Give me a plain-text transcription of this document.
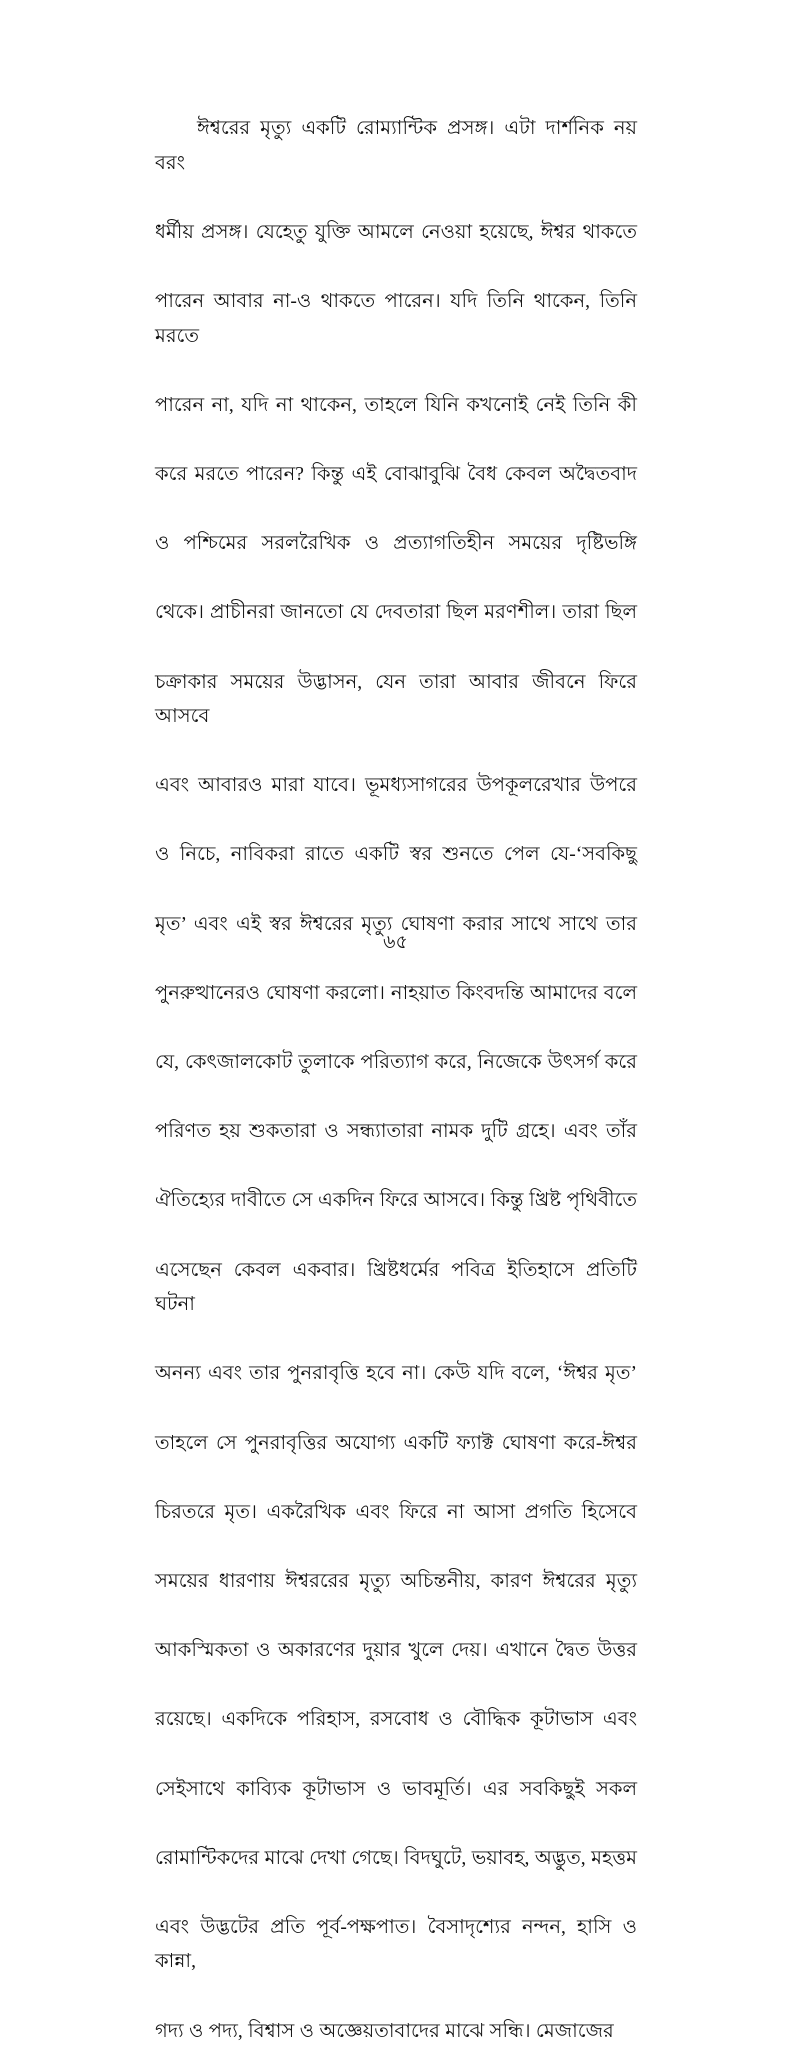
ঈশ্বরের মৃত্যু একটি রোম্যান্টিক প্রসঙ্গ। এটা দার্শনিক নয় বরং
ধর্মীয় প্রসঙ্গ। যেহেতু যুক্তি আমলে নেওয়া হয়েছে, ঈশ্বর থাকতে
পারেন আবার না-ও থাকতে পারেন। যদি তিনি থাকেন, তিনি মরতে
পারেন না, যদি না থাকেন, তাহলে যিনি কখনোই নেই তিনি কী
করে মরতে পারেন? কিন্তু এই বোঝাবুঝি বৈধ কেবল অদ্বৈতবাদ
ও পশ্চিমের সরলরৈখিক ও প্রত্যাগতিহীন সময়ের দৃষ্টিভঙ্গি
থেকে। প্রাচীনরা জানতো যে দেবতারা ছিল মরণশীল। তারা ছিল
চক্রাকার সময়ের উদ্ভাসন, যেন তারা আবার জীবনে ফিরে আসবে
এবং আবারও মারা যাবে। ভূমধ্যসাগরের উপকূলরেখার উপরে
ও নিচে, নাবিকরা রাতে একটি স্বর শুনতে পেল যে-‘সবকিছু
মৃত’ এবং এই স্বর ঈশ্বরের মৃত্যু ঘোষণা করার সাথে সাথে তার
পুনরুত্থানেরও ঘোষণা করলো। নাহয়াত কিংবদন্তি আমাদের বলে
যে, কেৎজালকোট তুলাকে পরিত্যাগ করে, নিজেকে উৎসর্গ করে
পরিণত হয় শুকতারা ও সন্ধ্যাতারা নামক দুটি গ্রহে। এবং তাঁর
ঐতিহ্যের দাবীতে সে একদিন ফিরে আসবে। কিন্তু খ্রিষ্ট পৃথিবীতে
এসেছেন কেবল একবার। খ্রিষ্টধর্মের পবিত্র ইতিহাসে প্রতিটি ঘটনা
অনন্য এবং তার পুনরাবৃত্তি হবে না। কেউ যদি বলে, ‘ঈশ্বর মৃত’
তাহলে সে পুনরাবৃত্তির অযোগ্য একটি ফ্যাক্ট ঘোষণা করে-ঈশ্বর
চিরতরে মৃত। একরৈখিক এবং ফিরে না আসা প্রগতি হিসেবে
সময়ের ধারণায় ঈশ্বররের মৃত্যু অচিন্তনীয়, কারণ ঈশ্বরের মৃত্যু
আকস্মিকতা ও অকারণের দুয়ার খুলে দেয়। এখানে দ্বৈত উত্তর
রয়েছে। একদিকে পরিহাস, রসবোধ ও বৌদ্ধিক কূটাভাস এবং
সেইসাথে কাব্যিক কূটাভাস ও ভাবমূর্তি। এর সবকিছুই সকল
রোমান্টিকদের মাঝে দেখা গেছে। বিদঘুটে, ভয়াবহ, অদ্ভুত, মহত্তম
এবং উদ্ভটের প্রতি পূর্ব-পক্ষপাত। বৈসাদৃশ্যের নন্দন, হাসি ও কান্না,
গদ্য ও পদ্য, বিশ্বাস ও অজ্ঞেয়তাবাদের মাঝে সন্ধি। মেজাজের
৬৫
